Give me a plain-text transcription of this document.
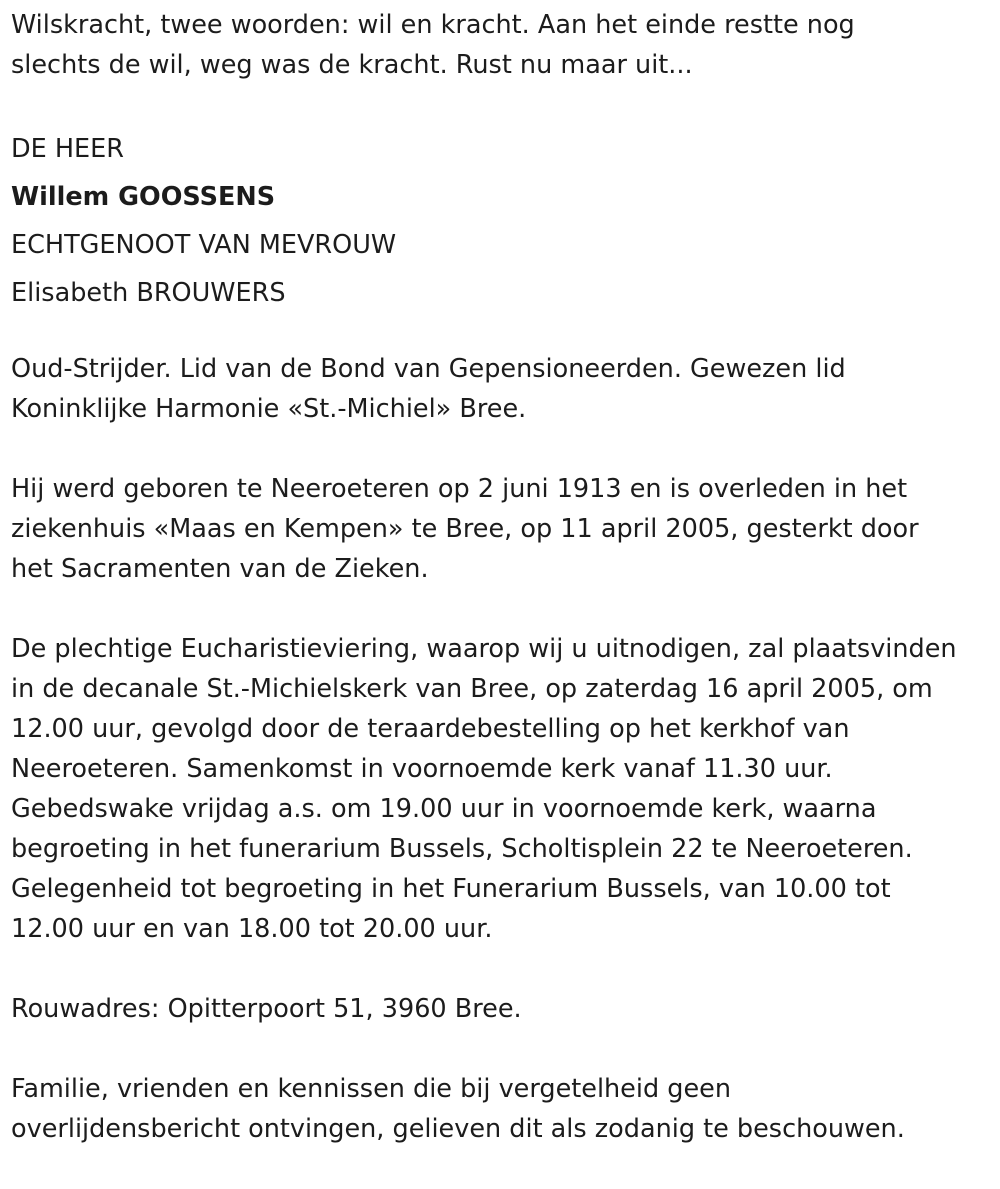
Wilskracht, twee woorden: wil en kracht. Aan het einde restte nog
slechts de wil, weg was de kracht. Rust nu maar uit...
DE HEER
Willem GOOSSENS
ECHTGENOOT VAN MEVROUW
Elisabeth BROUWERS
Oud-Strijder. Lid van de Bond van Gepensioneerden. Gewezen lid
Koninklijke Harmonie «St.-Michiel» Bree.
Hij werd geboren te Neeroeteren op 2 juni 1913 en is overleden in het
ziekenhuis «Maas en Kempen» te Bree, op 11 april 2005, gesterkt door
het Sacramenten van de Zieken.
De plechtige Eucharistieviering, waarop wij u uitnodigen, zal plaatsvinden
in de decanale St.-Michielskerk van Bree, op zaterdag 16 april 2005, om
12.00 uur, gevolgd door de teraardebestelling op het kerkhof van
Neeroeteren. Samenkomst in voornoemde kerk vanaf 11.30 uur.
Gebedswake vrijdag a.s. om 19.00 uur in voornoemde kerk, waarna
begroeting in het funerarium Bussels, Scholtisplein 22 te Neeroeteren.
Gelegenheid tot begroeting in het Funerarium Bussels, van 10.00 tot
12.00 uur en van 18.00 tot 20.00 uur.
Rouwadres: Opitterpoort 51, 3960 Bree.
Familie, vrienden en kennissen die bij vergetelheid geen
overlijdensbericht ontvingen, gelieven dit als zodanig te beschouwen.
